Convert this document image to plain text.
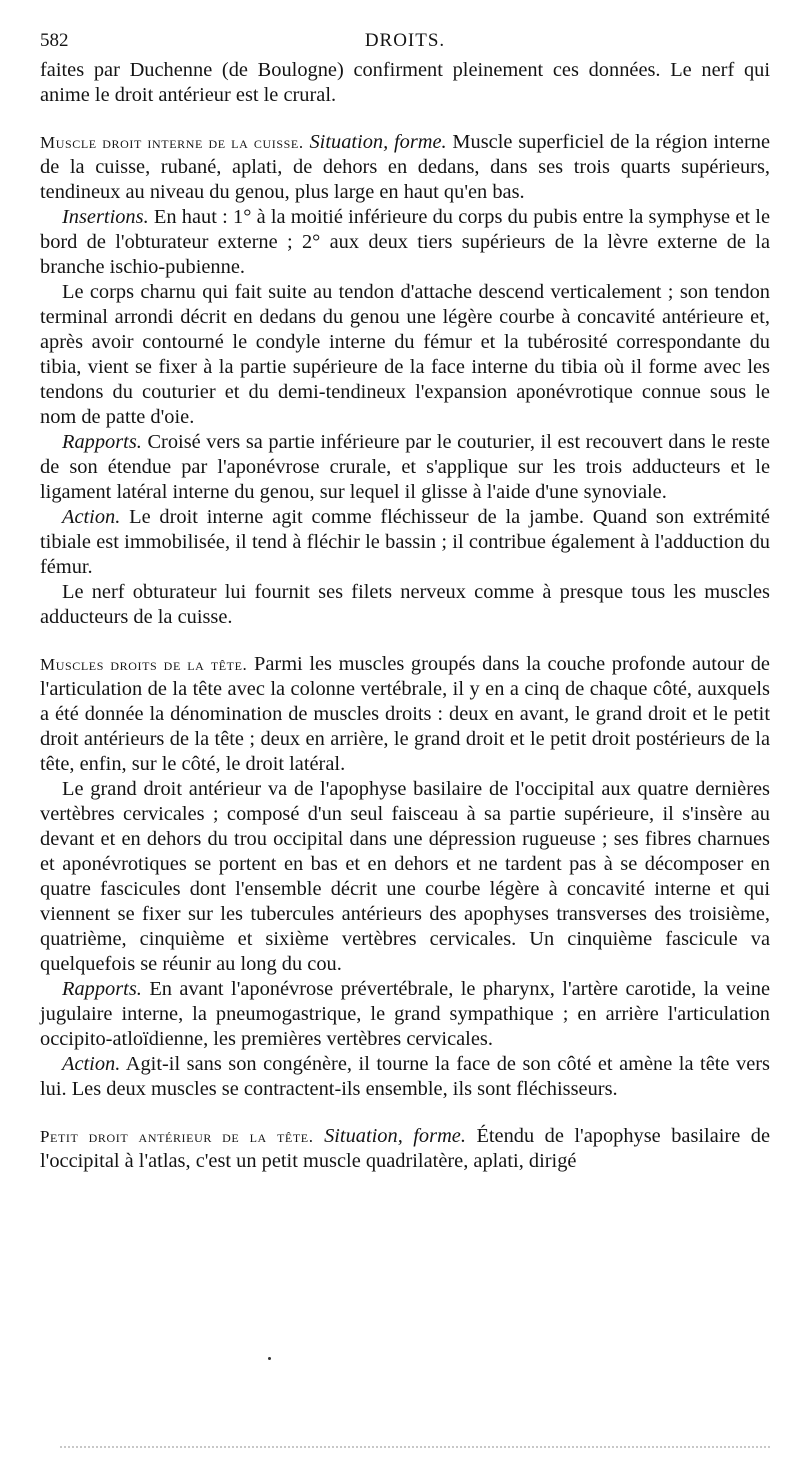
582	DROITS.

faites par Duchenne (de Boulogne) confirment pleinement ces données. Le nerf qui anime le droit antérieur est le crural.

Muscle droit interne de la cuisse. Situation, forme. Muscle superficiel de la région interne de la cuisse, rubané, aplati, de dehors en dedans, dans ses trois quarts supérieurs, tendineux au niveau du genou, plus large en haut qu'en bas.

Insertions. En haut : 1° à la moitié inférieure du corps du pubis entre la symphyse et le bord de l'obturateur externe ; 2° aux deux tiers supérieurs de la lèvre externe de la branche ischio-pubienne.

Le corps charnu qui fait suite au tendon d'attache descend verticalement ; son tendon terminal arrondi décrit en dedans du genou une légère courbe à concavité antérieure et, après avoir contourné le condyle interne du fémur et la tubérosité correspondante du tibia, vient se fixer à la partie supérieure de la face interne du tibia où il forme avec les tendons du couturier et du demi-tendineux l'expansion aponévrotique connue sous le nom de patte d'oie.

Rapports. Croisé vers sa partie inférieure par le couturier, il est recouvert dans le reste de son étendue par l'aponévrose crurale, et s'applique sur les trois adducteurs et le ligament latéral interne du genou, sur lequel il glisse à l'aide d'une synoviale.

Action. Le droit interne agit comme fléchisseur de la jambe. Quand son extrémité tibiale est immobilisée, il tend à fléchir le bassin ; il contribue également à l'adduction du fémur.

Le nerf obturateur lui fournit ses filets nerveux comme à presque tous les muscles adducteurs de la cuisse.

Muscles droits de la tête. Parmi les muscles groupés dans la couche profonde autour de l'articulation de la tête avec la colonne vertébrale, il y en a cinq de chaque côté, auxquels a été donnée la dénomination de muscles droits : deux en avant, le grand droit et le petit droit antérieurs de la tête ; deux en arrière, le grand droit et le petit droit postérieurs de la tête, enfin, sur le côté, le droit latéral.

Le grand droit antérieur va de l'apophyse basilaire de l'occipital aux quatre dernières vertèbres cervicales ; composé d'un seul faisceau à sa partie supérieure, il s'insère au devant et en dehors du trou occipital dans une dépression rugueuse ; ses fibres charnues et aponévrotiques se portent en bas et en dehors et ne tardent pas à se décomposer en quatre fascicules dont l'ensemble décrit une courbe légère à concavité interne et qui viennent se fixer sur les tubercules antérieurs des apophyses transverses des troisième, quatrième, cinquième et sixième vertèbres cervicales. Un cinquième fascicule va quelquefois se réunir au long du cou.

Rapports. En avant l'aponévrose prévertébrale, le pharynx, l'artère carotide, la veine jugulaire interne, la pneumogastrique, le grand sympathique ; en arrière l'articulation occipito-atloïdienne, les premières vertèbres cervicales.

Action. Agit-il sans son congénère, il tourne la face de son côté et amène la tête vers lui. Les deux muscles se contractent-ils ensemble, ils sont fléchisseurs.

Petit droit antérieur de la tête. Situation, forme. Étendu de l'apophyse basilaire de l'occipital à l'atlas, c'est un petit muscle quadrilatère, aplati, dirigé
